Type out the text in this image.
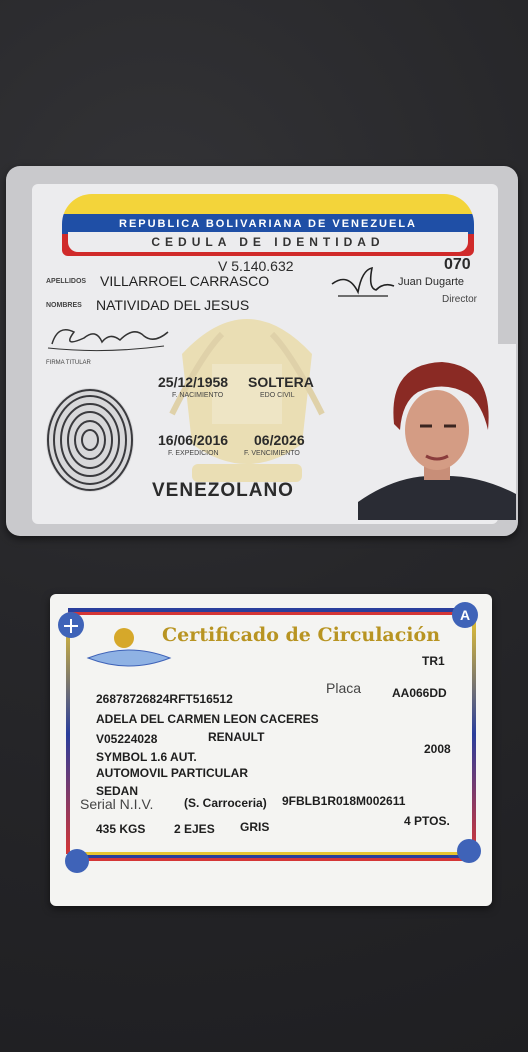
REPUBLICA BOLIVARIANA DE VENEZUELA
CEDULA DE IDENTIDAD
V 5.140.632	070
Juan Dugarte
Director
APELLIDOS VILLARROEL CARRASCO
NOMBRES NATIVIDAD DEL JESUS
FIRMA TITULAR
25/12/1958
F. NACIMIENTO
SOLTERA
EDO CIVIL
16/06/2016
F. EXPEDICION
06/2026
F. VENCIMIENTO
VENEZOLANO
A
Certificado de Circulación
TR1
Placa	AA066DD
26878726824RFT516512
ADELA DEL CARMEN LEON CACERES
V05224028	RENAULT
SYMBOL 1.6 AUT.
2008
AUTOMOVIL PARTICULAR
SEDAN
Serial N.I.V.	(S. Carroceria) 9FBLB1R018M002611
435 KGS 2 EJES GRIS	4 PTOS.
